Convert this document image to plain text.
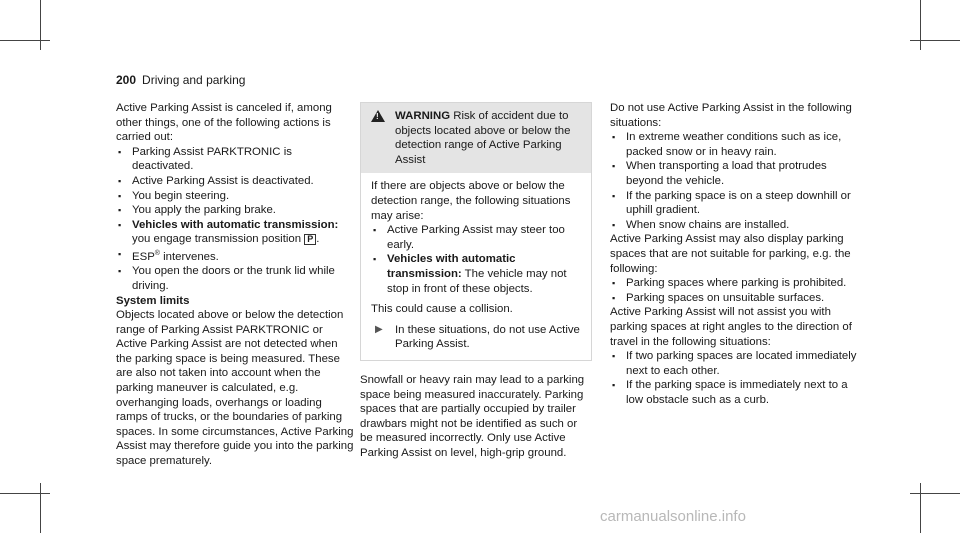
200 Driving and parking

Active Parking Assist is canceled if, among other things, one of the following actions is carried out:

▪ Parking Assist PARKTRONIC is deactivated.
▪ Active Parking Assist is deactivated.
▪ You begin steering.
▪ You apply the parking brake.
▪ Vehicles with automatic transmission:
you engage transmission position P .
▪ ESP® intervenes.
▪ You open the doors or the trunk lid while driving.

System limits

Objects located above or below the detection range of Parking Assist PARKTRONIC or Active Parking Assist are not detected when the parking space is being measured. These are also not taken into account when the parking maneuver is calculated, e.g. overhanging loads, overhangs or loading ramps of trucks, or the boundaries of parking spaces. In some circumstances, Active Parking Assist may therefore guide you into the parking space prematurely.

!
WARNING Risk of accident due to objects located above or below the detection range of Active Parking Assist

If there are objects above or below the detection range, the following situations may arise:

▪ Active Parking Assist may steer too early.
▪ Vehicles with automatic transmission: The vehicle may not stop in front of these objects.

This could cause a collision.

▶ In these situations, do not use Active Parking Assist.

Snowfall or heavy rain may lead to a parking space being measured inaccurately. Parking spaces that are partially occupied by trailer drawbars might not be identified as such or be measured incorrectly. Only use Active Parking Assist on level, high-grip ground.

Do not use Active Parking Assist in the following situations:

▪ In extreme weather conditions such as ice, packed snow or in heavy rain.
▪ When transporting a load that protrudes beyond the vehicle.
▪ If the parking space is on a steep downhill or uphill gradient.
▪ When snow chains are installed.

Active Parking Assist may also display parking spaces that are not suitable for parking, e.g. the following:

▪ Parking spaces where parking is prohibited.
▪ Parking spaces on unsuitable surfaces.

Active Parking Assist will not assist you with parking spaces at right angles to the direction of travel in the following situations:

▪ If two parking spaces are located immediately next to each other.
▪ If the parking space is immediately next to a low obstacle such as a curb.
carmanualsonline.info
